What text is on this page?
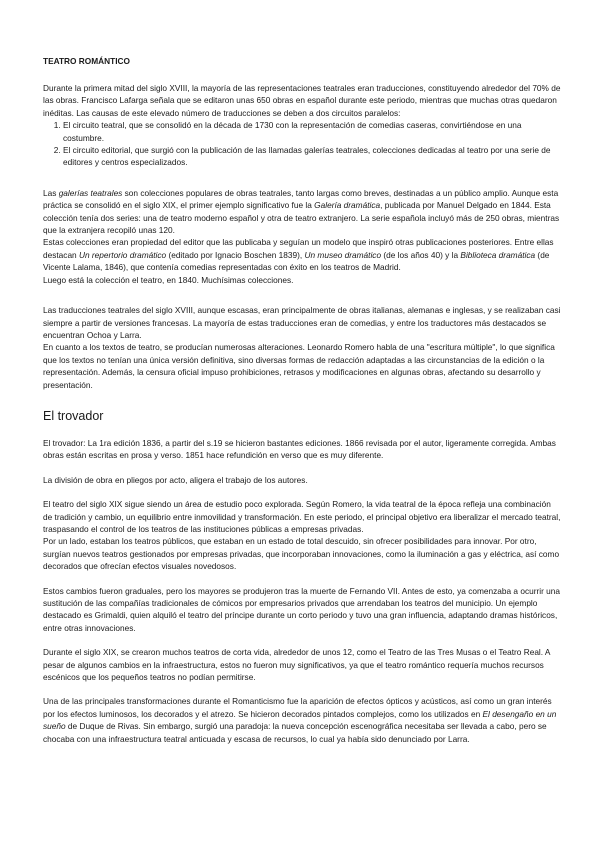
TEATRO ROMÁNTICO

Durante la primera mitad del siglo XVIII, la mayoría de las representaciones teatrales eran traducciones, constituyendo alrededor del 70% de las obras. Francisco Lafarga señala que se editaron unas 650 obras en español durante este periodo, mientras que muchas otras quedaron inéditas. Las causas de este elevado número de traducciones se deben a dos circuitos paralelos:

1. El circuito teatral, que se consolidó en la década de 1730 con la representación de comedias caseras, convirtiéndose en una costumbre.
2. El circuito editorial, que surgió con la publicación de las llamadas galerías teatrales, colecciones dedicadas al teatro por una serie de editores y centros especializados.

Las galerías teatrales son colecciones populares de obras teatrales, tanto largas como breves, destinadas a un público amplio. Aunque esta práctica se consolidó en el siglo XIX, el primer ejemplo significativo fue la Galería dramática, publicada por Manuel Delgado en 1844. Esta colección tenía dos series: una de teatro moderno español y otra de teatro extranjero. La serie española incluyó más de 250 obras, mientras que la extranjera recopiló unas 120.

Estas colecciones eran propiedad del editor que las publicaba y seguían un modelo que inspiró otras publicaciones posteriores. Entre ellas destacan Un repertorio dramático (editado por Ignacio Boschen 1839), Un museo dramático (de los años 40) y la Biblioteca dramática (de Vicente Lalama, 1846), que contenía comedias representadas con éxito en los teatros de Madrid.

Luego está la colección el teatro, en 1840. Muchísimas colecciones.

Las traducciones teatrales del siglo XVIII, aunque escasas, eran principalmente de obras italianas, alemanas e inglesas, y se realizaban casi siempre a partir de versiones francesas. La mayoría de estas traducciones eran de comedias, y entre los traductores más destacados se encuentran Ochoa y Larra.

En cuanto a los textos de teatro, se producían numerosas alteraciones. Leonardo Romero habla de una "escritura múltiple", lo que significa que los textos no tenían una única versión definitiva, sino diversas formas de redacción adaptadas a las circunstancias de la edición o la representación. Además, la censura oficial impuso prohibiciones, retrasos y modificaciones en algunas obras, afectando su desarrollo y presentación.

El trovador

El trovador: La 1ra edición 1836, a partir del s.19 se hicieron bastantes ediciones. 1866 revisada por el autor, ligeramente corregida. Ambas obras están escritas en prosa y verso. 1851 hace refundición en verso que es muy diferente.

La división de obra en pliegos por acto, aligera el trabajo de los autores.

El teatro del siglo XIX sigue siendo un área de estudio poco explorada. Según Romero, la vida teatral de la época refleja una combinación de tradición y cambio, un equilibrio entre inmovilidad y transformación. En este periodo, el principal objetivo era liberalizar el mercado teatral, traspasando el control de los teatros de las instituciones públicas a empresas privadas.

Por un lado, estaban los teatros públicos, que estaban en un estado de total descuido, sin ofrecer posibilidades para innovar. Por otro, surgían nuevos teatros gestionados por empresas privadas, que incorporaban innovaciones, como la iluminación a gas y eléctrica, así como decorados que ofrecían efectos visuales novedosos.

Estos cambios fueron graduales, pero los mayores se produjeron tras la muerte de Fernando VII. Antes de esto, ya comenzaba a ocurrir una sustitución de las compañías tradicionales de cómicos por empresarios privados que arrendaban los teatros del municipio. Un ejemplo destacado es Grimaldi, quien alquiló el teatro del príncipe durante un corto periodo y tuvo una gran influencia, adaptando dramas históricos, entre otras innovaciones.

Durante el siglo XIX, se crearon muchos teatros de corta vida, alrededor de unos 12, como el Teatro de las Tres Musas o el Teatro Real. A pesar de algunos cambios en la infraestructura, estos no fueron muy significativos, ya que el teatro romántico requería muchos recursos escénicos que los pequeños teatros no podían permitirse.

Una de las principales transformaciones durante el Romanticismo fue la aparición de efectos ópticos y acústicos, así como un gran interés por los efectos luminosos, los decorados y el atrezo. Se hicieron decorados pintados complejos, como los utilizados en El desengaño en un sueño de Duque de Rivas. Sin embargo, surgió una paradoja: la nueva concepción escenográfica necesitaba ser llevada a cabo, pero se chocaba con una infraestructura teatral anticuada y escasa de recursos, lo cual ya había sido denunciado por Larra.
